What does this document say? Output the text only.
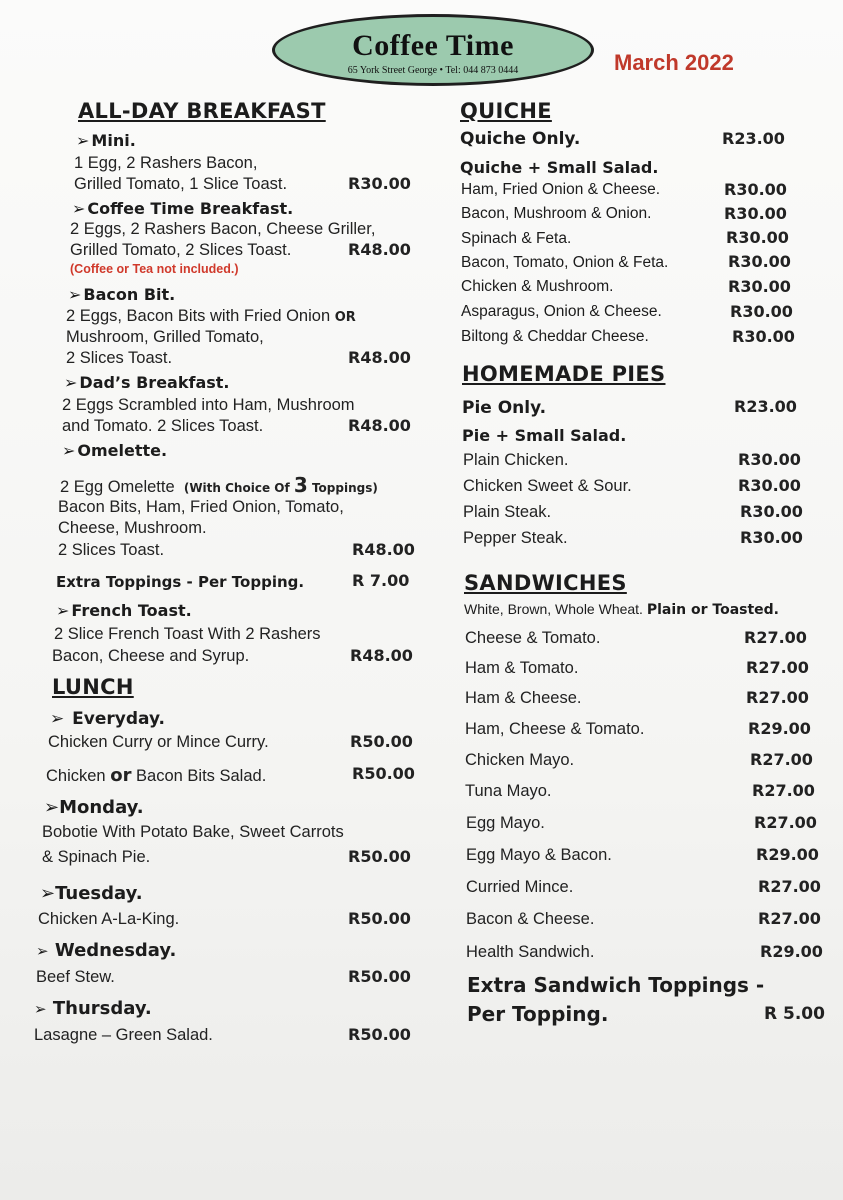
Coffee Time
65 York Street George • Tel: 044 873 0444	March 2022
ALL-DAY BREAKFAST
➢ Mini.
1 Egg, 2 Rashers Bacon,
Grilled Tomato, 1 Slice Toast.	R30.00
➢ Coffee Time Breakfast.
2 Eggs, 2 Rashers Bacon, Cheese Griller,
Grilled Tomato, 2 Slices Toast.	R48.00
(Coffee or Tea not included.)
➢ Bacon Bit.
2 Eggs, Bacon Bits with Fried Onion OR
Mushroom, Grilled Tomato,
2 Slices Toast.	R48.00
➢ Dad’s Breakfast.
2 Eggs Scrambled into Ham, Mushroom
and Tomato. 2 Slices Toast.	R48.00
➢ Omelette.
2 Egg Omelette (With Choice Of 3 Toppings)
Bacon Bits, Ham, Fried Onion, Tomato,
Cheese, Mushroom.
2 Slices Toast.	R48.00
Extra Toppings - Per Topping.	R 7.00
➢ French Toast.
2 Slice French Toast With 2 Rashers
Bacon, Cheese and Syrup.	R48.00
LUNCH
➢ Everyday.
Chicken Curry or Mince Curry.	R50.00
Chicken or Bacon Bits Salad.	R50.00
➢Monday.
Bobotie With Potato Bake, Sweet Carrots
& Spinach Pie.	R50.00
➢Tuesday.
Chicken A-La-King.	R50.00
➢ Wednesday.
Beef Stew.	R50.00
➢ Thursday.
Lasagne – Green Salad.	R50.00
QUICHE
Quiche Only.	R23.00
Quiche + Small Salad.
Ham, Fried Onion & Cheese.	R30.00
Bacon, Mushroom & Onion.	R30.00
Spinach & Feta.	R30.00
Bacon, Tomato, Onion & Feta.	R30.00
Chicken & Mushroom.	R30.00
Asparagus, Onion & Cheese.	R30.00
Biltong & Cheddar Cheese.	R30.00
HOMEMADE PIES
Pie Only.	R23.00
Pie + Small Salad.
Plain Chicken.	R30.00
Chicken Sweet & Sour.	R30.00
Plain Steak.	R30.00
Pepper Steak.	R30.00
SANDWICHES
White, Brown, Whole Wheat. Plain or Toasted.
Cheese & Tomato.	R27.00
Ham & Tomato.	R27.00
Ham & Cheese.	R27.00
Ham, Cheese & Tomato.	R29.00
Chicken Mayo.	R27.00
Tuna Mayo.	R27.00
Egg Mayo.	R27.00
Egg Mayo & Bacon.	R29.00
Curried Mince.	R27.00
Bacon & Cheese.	R27.00
Health Sandwich.	R29.00
Extra Sandwich Toppings -
Per Topping.	R 5.00
